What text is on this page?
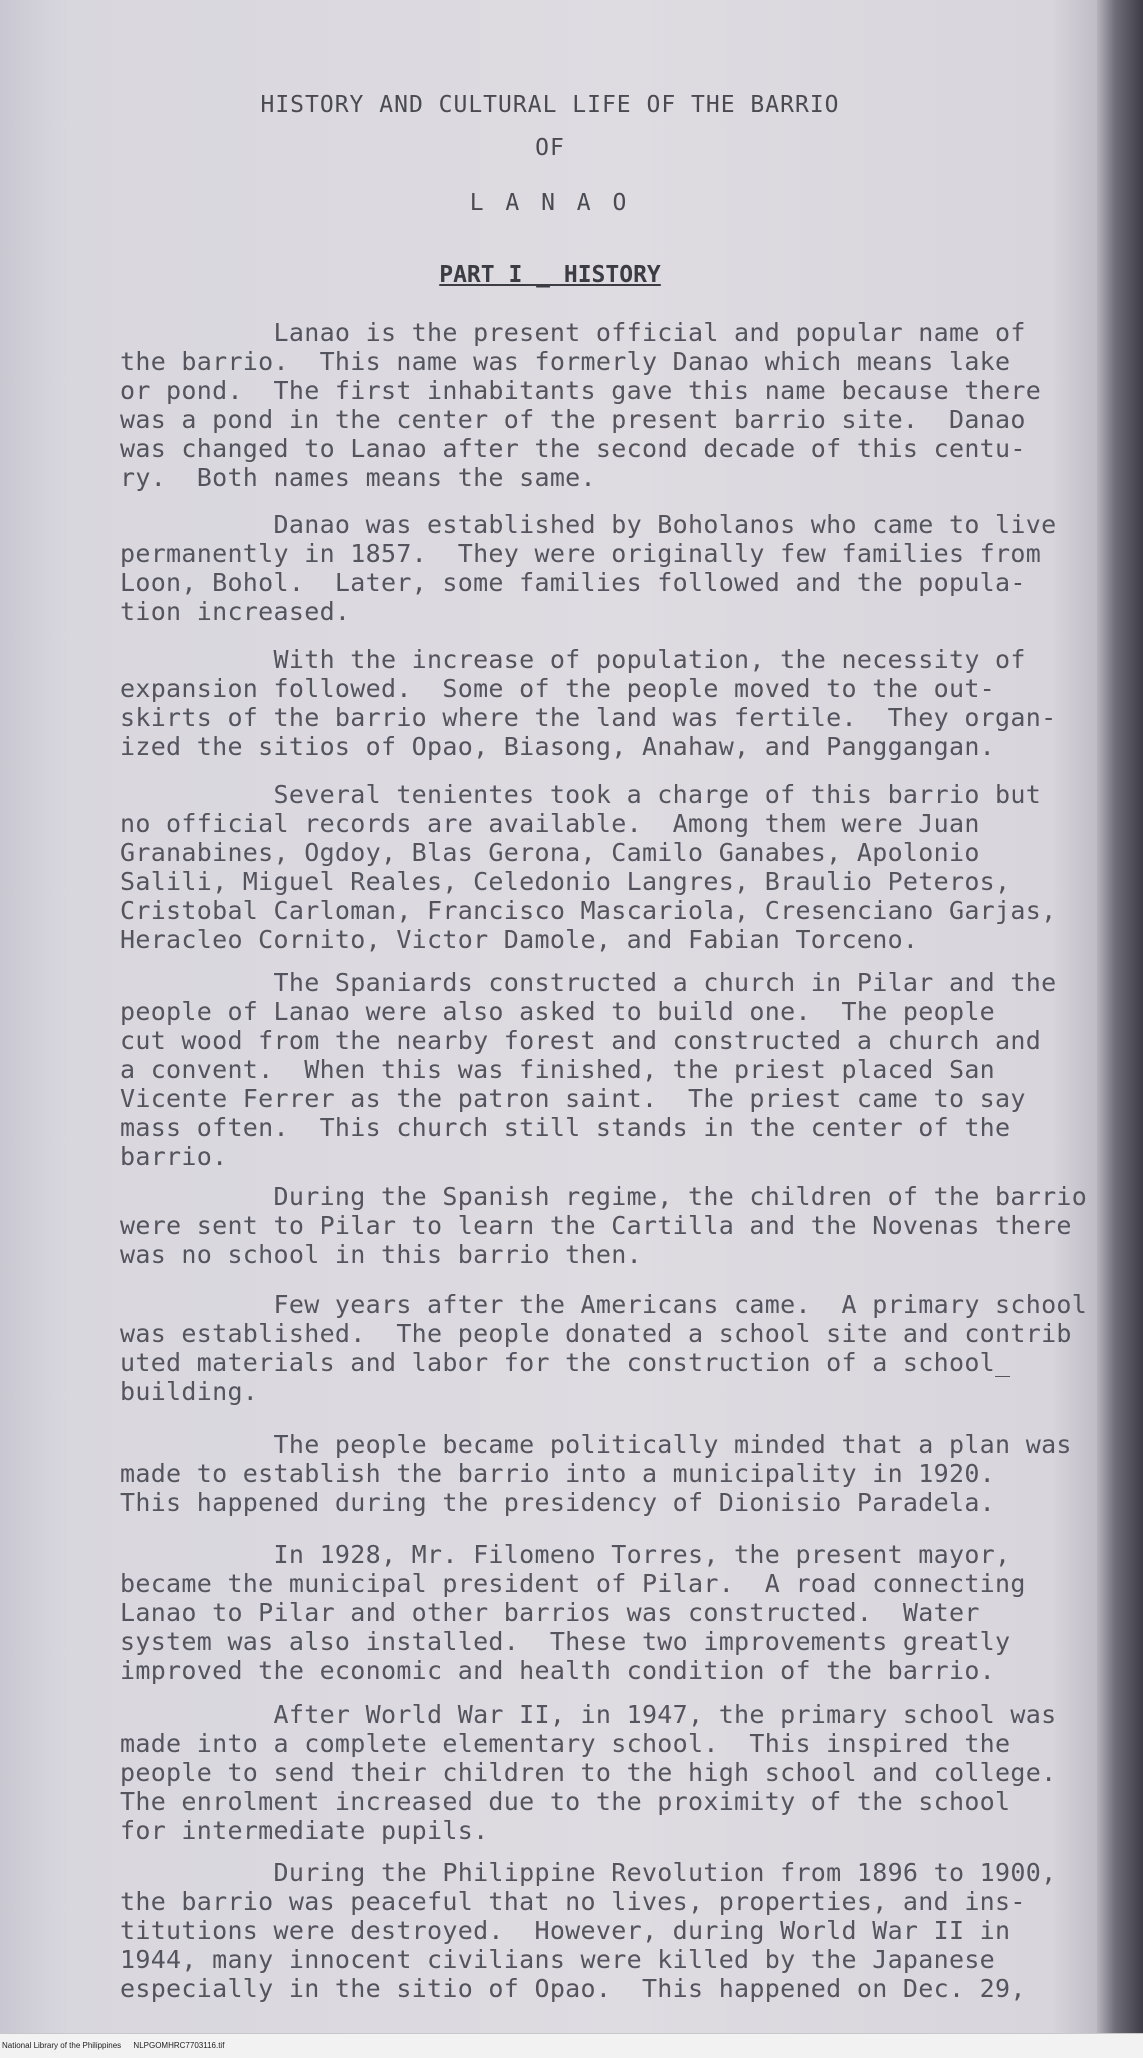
HISTORY AND CULTURAL LIFE OF THE BARRIO

OF

L A N A O

PART I _ HISTORY

Lanao is the present official and popular name of
the barrio.  This name was formerly Danao which means lake
or pond.  The first inhabitants gave this name because there
was a pond in the center of the present barrio site.  Danao
was changed to Lanao after the second decade of this centu-
ry.  Both names means the same.

Danao was established by Boholanos who came to live
permanently in 1857.  They were originally few families from
Loon, Bohol.  Later, some families followed and the popula-
tion increased.

With the increase of population, the necessity of
expansion followed.  Some of the people moved to the out-
skirts of the barrio where the land was fertile.  They organ-
ized the sitios of Opao, Biasong, Anahaw, and Panggangan.

Several tenientes took a charge of this barrio but
no official records are available.  Among them were Juan
Granabines, Ogdoy, Blas Gerona, Camilo Ganabes, Apolonio
Salili, Miguel Reales, Celedonio Langres, Braulio Peteros,
Cristobal Carloman, Francisco Mascariola, Cresenciano Garjas,
Heracleo Cornito, Victor Damole, and Fabian Torceno.

The Spaniards constructed a church in Pilar and the
people of Lanao were also asked to build one.  The people
cut wood from the nearby forest and constructed a church and
a convent.  When this was finished, the priest placed San
Vicente Ferrer as the patron saint.  The priest came to say
mass often.  This church still stands in the center of the
barrio.

During the Spanish regime, the children of the barrio
were sent to Pilar to learn the Cartilla and the Novenas there
was no school in this barrio then.

Few years after the Americans came.  A primary school
was established.  The people donated a school site and contrib
uted materials and labor for the construction of a school_
building.

The people became politically minded that a plan was
made to establish the barrio into a municipality in 1920.
This happened during the presidency of Dionisio Paradela.

In 1928, Mr. Filomeno Torres, the present mayor,
became the municipal president of Pilar.  A road connecting
Lanao to Pilar and other barrios was constructed.  Water
system was also installed.  These two improvements greatly
improved the economic and health condition of the barrio.

After World War II, in 1947, the primary school was
made into a complete elementary school.  This inspired the
people to send their children to the high school and college.
The enrolment increased due to the proximity of the school
for intermediate pupils.

During the Philippine Revolution from 1896 to 1900,
the barrio was peaceful that no lives, properties, and ins-
titutions were destroyed.  However, during World War II in
1944, many innocent civilians were killed by the Japanese
especially in the sitio of Opao.  This happened on Dec. 29,

National Library of the Philippines NLPGOMHRC7703116.tif
